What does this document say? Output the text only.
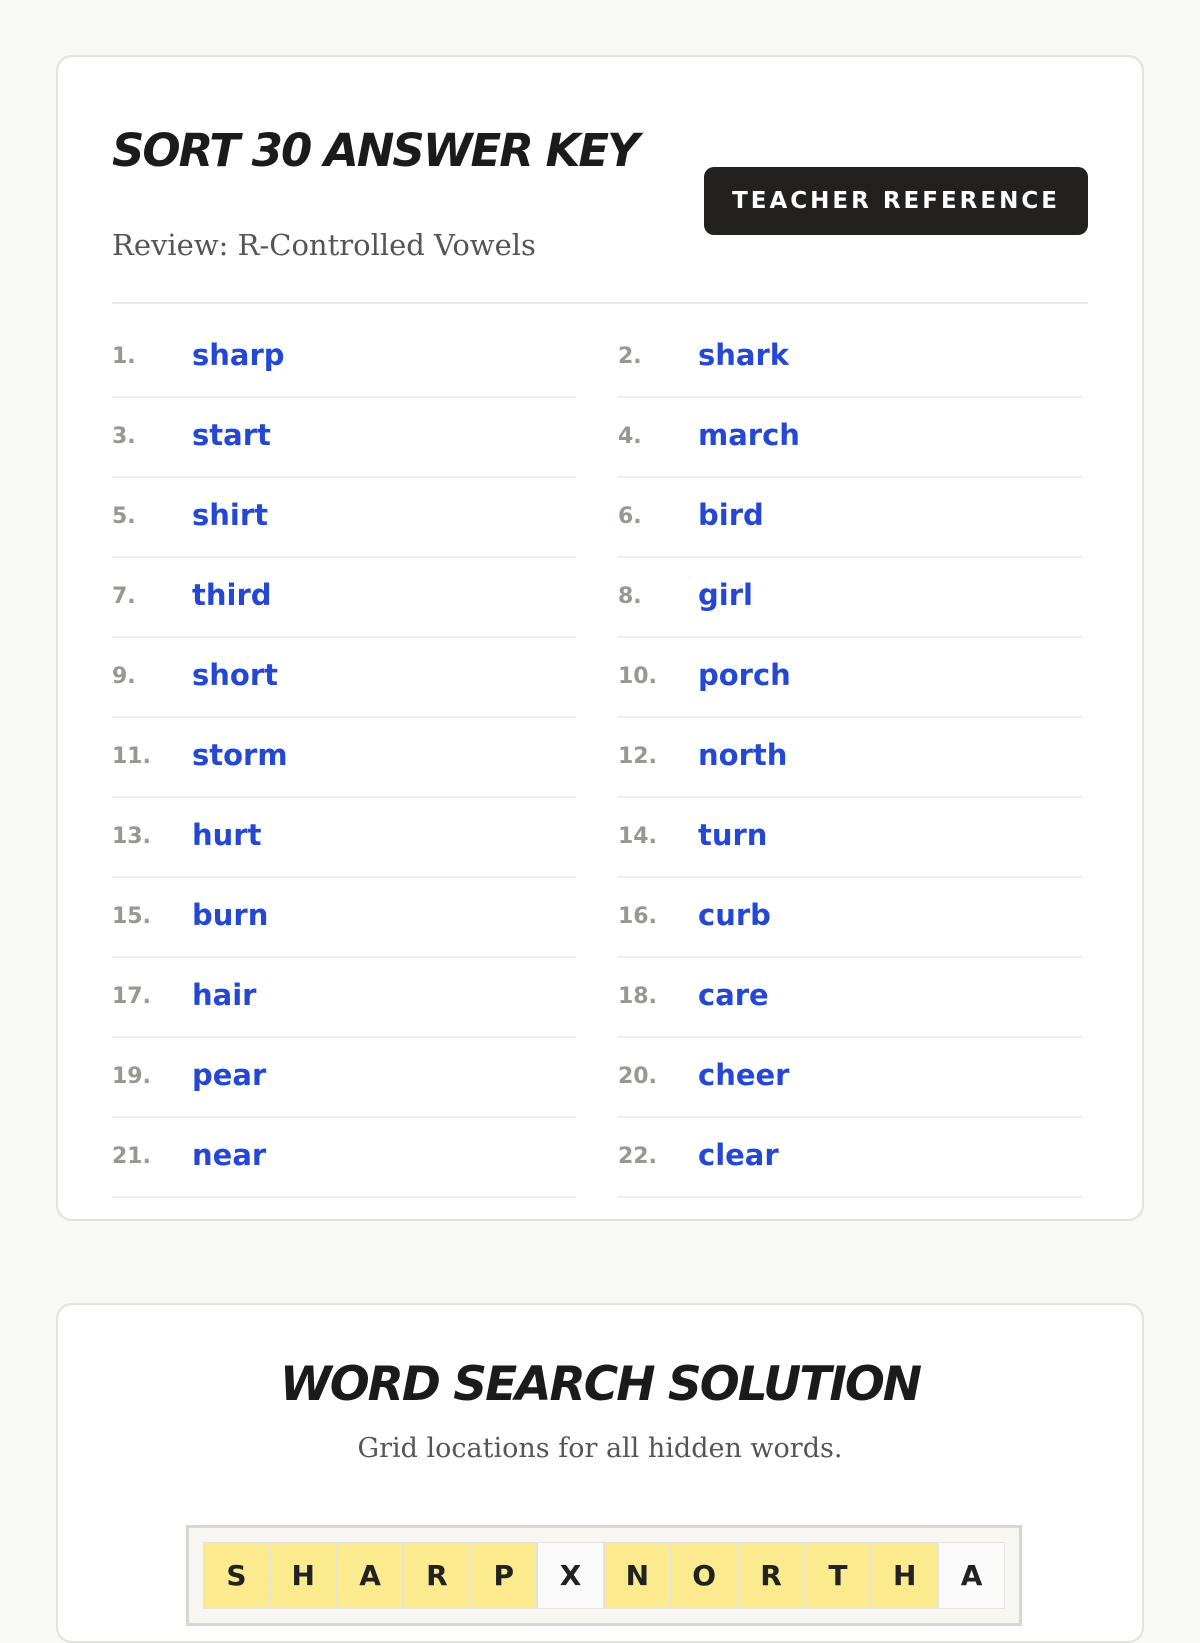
SORT 30 ANSWER KEY
TEACHER REFERENCE
Review: R-Controlled Vowels
1. sharp	2. shark
3. start	4. march
5. shirt	6. bird
7. third	8. girl
9. short	10. porch
11. storm	12. north
13. hurt	14. turn
15. burn	16. curb
17. hair	18. care
19. pear	20. cheer
21. near	22. clear
WORD SEARCH SOLUTION
Grid locations for all hidden words.
S	H	A	R	P	X	N	O	R	T	H	A
